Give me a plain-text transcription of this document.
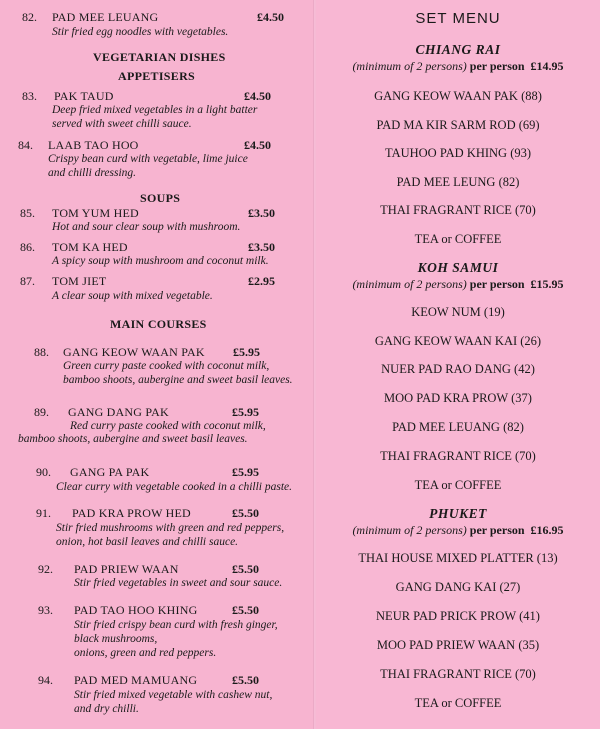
82. PAD MEE LEUANG	£4.50
Stir fried egg noodles with vegetables.
VEGETARIAN DISHES
APPETISERS
83. PAK TAUD	£4.50
Deep fried mixed vegetables in a light batter
served with sweet chilli sauce.
84. LAAB TAO HOO	£4.50
Crispy bean curd with vegetable, lime juice
and chilli dressing.
SOUPS
85. TOM YUM HED	£3.50
Hot and sour clear soup with mushroom.
86. TOM KA HED	£3.50
A spicy soup with mushroom and coconut milk.
87. TOM JIET	£2.95
A clear soup with mixed vegetable.
MAIN COURSES
88. GANG KEOW WAAN PAK £5.95
Green curry paste cooked with coconut milk,
bamboo shoots, aubergine and sweet basil leaves.
89. GANG DANG PAK	£5.95
Red curry paste cooked with coconut milk,
bamboo shoots, aubergine and sweet basil leaves.
90. GANG PA PAK	£5.95
Clear curry with vegetable cooked in a chilli paste.
91. PAD KRA PROW HED	£5.50
Stir fried mushrooms with green and red peppers,
onion, hot basil leaves and chilli sauce.
92. PAD PRIEW WAAN	£5.50
Stir fried vegetables in sweet and sour sauce.
93. PAD TAO HOO KHING	£5.50
Stir fried crispy bean curd with fresh ginger,
black mushrooms,
onions, green and red peppers.
94. PAD MED MAMUANG	£5.50
Stir fried mixed vegetable with cashew nut,
and dry chilli.
SET MENU
CHIANG RAI
(minimum of 2 persons) per person £14.95
GANG KEOW WAAN PAK (88)
PAD MA KIR SARM ROD (69)
TAUHOO PAD KHING (93)
PAD MEE LEUNG (82)
THAI FRAGRANT RICE (70)
TEA or COFFEE
KOH SAMUI
(minimum of 2 persons) per person £15.95
KEOW NUM (19)
GANG KEOW WAAN KAI (26)
NUER PAD RAO DANG (42)
MOO PAD KRA PROW (37)
PAD MEE LEUANG (82)
THAI FRAGRANT RICE (70)
TEA or COFFEE
PHUKET
(minimum of 2 persons) per person £16.95
THAI HOUSE MIXED PLATTER (13)
GANG DANG KAI (27)
NEUR PAD PRICK PROW (41)
MOO PAD PRIEW WAAN (35)
THAI FRAGRANT RICE (70)
TEA or COFFEE
